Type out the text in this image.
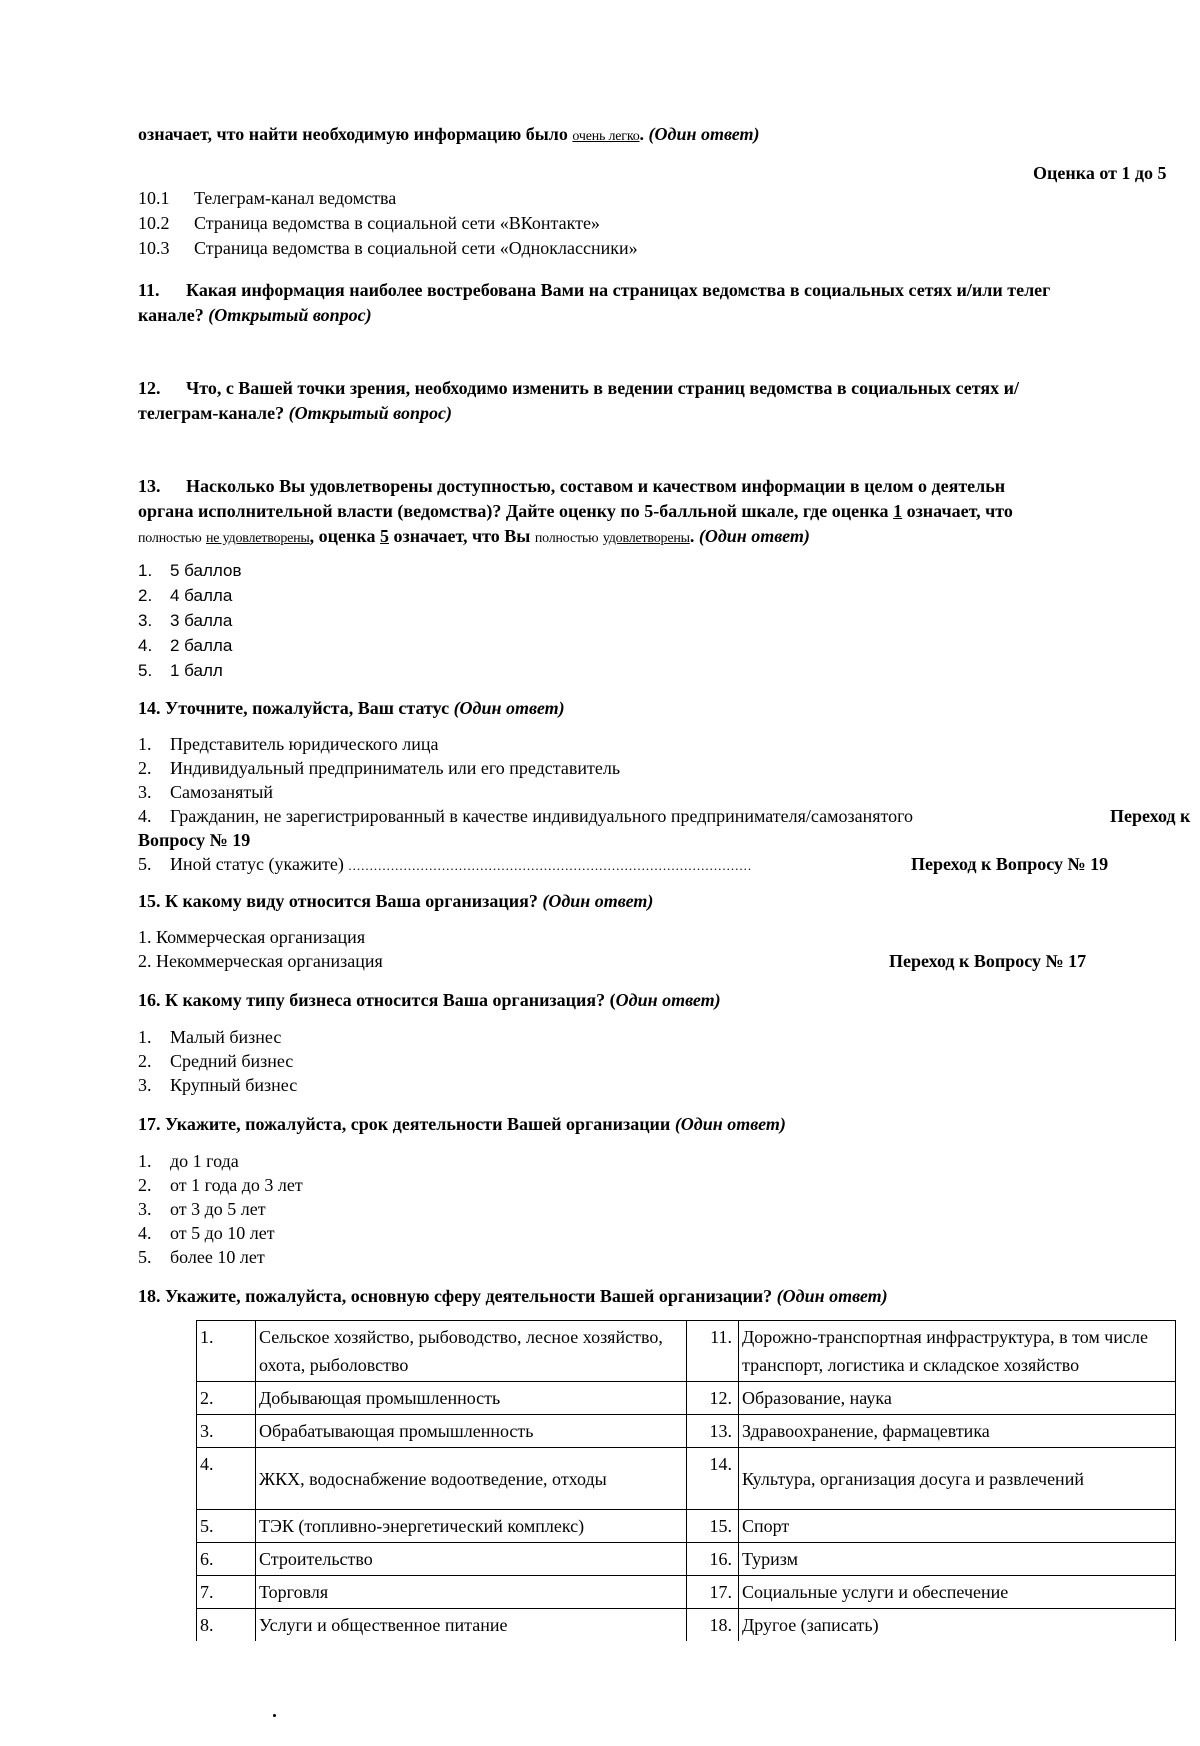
означает, что найти необходимую информацию было очень легко. (Один ответ)
Оценка от 1 до 5
10.1 Телеграм-канал ведомства
10.2 Страница ведомства в социальной сети «ВКонтакте»
10.3 Страница ведомства в социальной сети «Одноклассники»
11. Какая информация наиболее востребована Вами на страницах ведомства в социальных сетях и/или телег
канале? (Открытый вопрос)
12. Что, с Вашей точки зрения, необходимо изменить в ведении страниц ведомства в социальных сетях и/
телеграм-канале? (Открытый вопрос)
13. Насколько Вы удовлетворены доступностью, составом и качеством информации в целом о деятельн
органа исполнительной власти (ведомства)? Дайте оценку по 5-балльной шкале, где оценка 1 означает, что
полностью не удовлетворены, оценка 5 означает, что Вы полностью удовлетворены. (Один ответ)
1. 5 баллов
2. 4 балла
3. 3 балла
4. 2 балла
5. 1 балл
14. Уточните, пожалуйста, Ваш статус (Один ответ)
1. Представитель юридического лица
2. Индивидуальный предприниматель или его представитель
3. Самозанятый
4. Гражданин, не зарегистрированный в качестве индивидуального предпринимателя/самозанятого	Переход к
Вопросу № 19
5. Иной статус (укажите) ...............................................................................................	Переход к Вопросу № 19
15. К какому виду относится Ваша организация? (Один ответ)
1. Коммерческая организация
2. Некоммерческая организация	Переход к Вопросу № 17
16. К какому типу бизнеса относится Ваша организация? (Один ответ)
1. Малый бизнес
2. Средний бизнес
3. Крупный бизнес
17. Укажите, пожалуйста, срок деятельности Вашей организации (Один ответ)
1. до 1 года
2. от 1 года до 3 лет
3. от 3 до 5 лет
4. от 5 до 10 лет
5. более 10 лет
18. Укажите, пожалуйста, основную сферу деятельности Вашей организации? (Один ответ)
1.	Сельское хозяйство, рыбоводство, лесное хозяйство, охота, рыболовство	11.	Дорожно-транспортная инфраструктура, в том числе транспорт, логистика и складское хозяйство
2.	Добывающая промышленность	12.	Образование, наука
3.	Обрабатывающая промышленность	13.	Здравоохранение, фармацевтика
4.	ЖКХ, водоснабжение водоотведение, отходы	14.	Культура, организация досуга и развлечений
5.	ТЭК (топливно-энергетический комплекс)	15.	Спорт
6.	Строительство	16.	Туризм
7.	Торговля	17.	Социальные услуги и обеспечение
8.	Услуги и общественное питание	18.	Другое (записать)
